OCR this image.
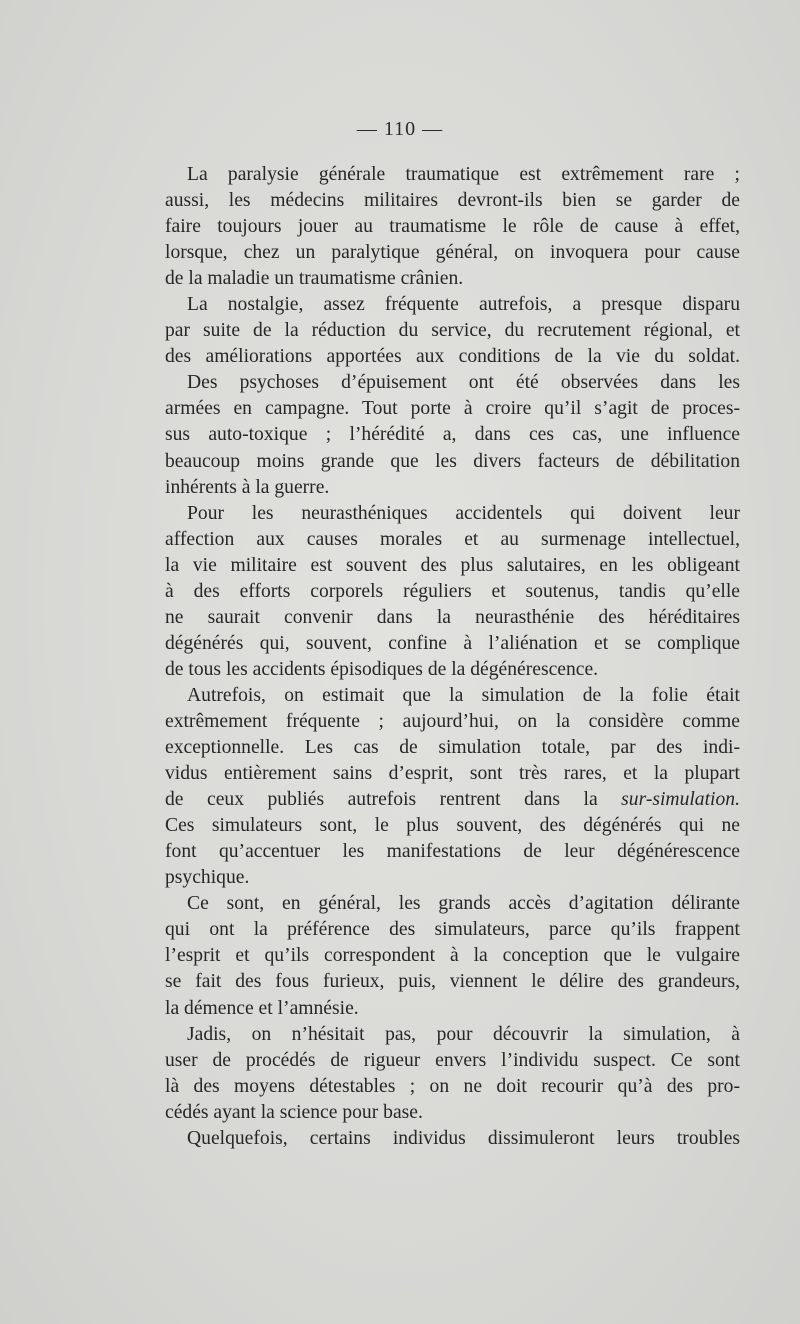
— 110 —
La paralysie générale traumatique est extrêmement rare ;
aussi, les médecins militaires devront-ils bien se garder de
faire toujours jouer au traumatisme le rôle de cause à effet,
lorsque, chez un paralytique général, on invoquera pour cause
de la maladie un traumatisme crânien.
La nostalgie, assez fréquente autrefois, a presque disparu
par suite de la réduction du service, du recrutement régional, et
des améliorations apportées aux conditions de la vie du soldat.
Des psychoses d’épuisement ont été observées dans les
armées en campagne. Tout porte à croire qu’il s’agit de proces-
sus auto-toxique ; l’hérédité a, dans ces cas, une influence
beaucoup moins grande que les divers facteurs de débilitation
inhérents à la guerre.
Pour les neurasthéniques accidentels qui doivent leur
affection aux causes morales et au surmenage intellectuel,
la vie militaire est souvent des plus salutaires, en les obligeant
à des efforts corporels réguliers et soutenus, tandis qu’elle
ne saurait convenir dans la neurasthénie des héréditaires
dégénérés qui, souvent, confine à l’aliénation et se complique
de tous les accidents épisodiques de la dégénérescence.
Autrefois, on estimait que la simulation de la folie était
extrêmement fréquente ; aujourd’hui, on la considère comme
exceptionnelle. Les cas de simulation totale, par des indi-
vidus entièrement sains d’esprit, sont très rares, et la plupart
de ceux publiés autrefois rentrent dans la sur-simulation.
Ces simulateurs sont, le plus souvent, des dégénérés qui ne
font qu’accentuer les manifestations de leur dégénérescence
psychique.
Ce sont, en général, les grands accès d’agitation délirante
qui ont la préférence des simulateurs, parce qu’ils frappent
l’esprit et qu’ils correspondent à la conception que le vulgaire
se fait des fous furieux, puis, viennent le délire des grandeurs,
la démence et l’amnésie.
Jadis, on n’hésitait pas, pour découvrir la simulation, à
user de procédés de rigueur envers l’individu suspect. Ce sont
là des moyens détestables ; on ne doit recourir qu’à des pro-
cédés ayant la science pour base.
Quelquefois, certains individus dissimuleront leurs troubles
